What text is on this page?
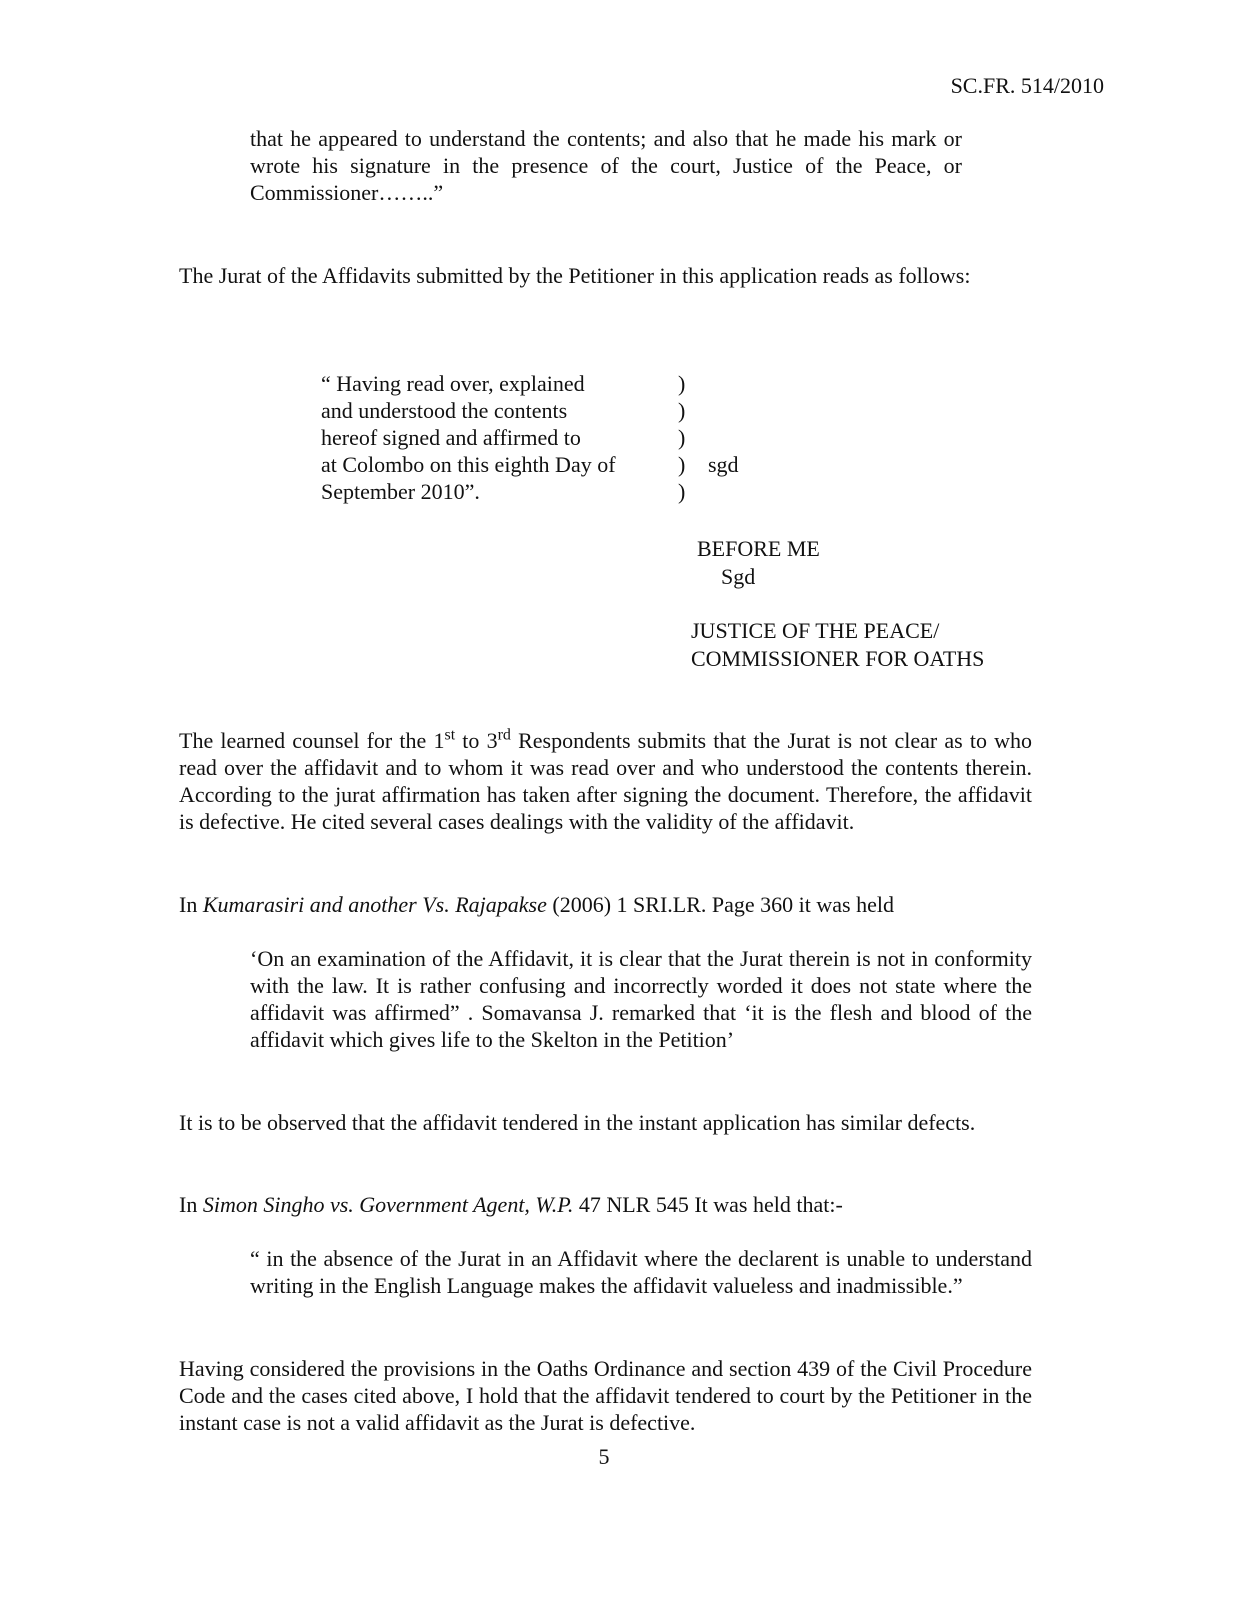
SC.FR. 514/2010

that he appeared to understand the contents; and also that he made his mark or wrote his signature in the presence of the court, Justice of the Peace, or Commissioner……..”

The Jurat of the Affidavits submitted by the Petitioner in this application reads as follows:

“ Having read over, explained	)
and understood the contents	)
hereof signed and affirmed to	)
at Colombo on this eighth Day of	) sgd
September 2010”.	)
BEFORE ME
Sgd
JUSTICE OF THE PEACE/
COMMISSIONER FOR OATHS

The learned counsel for the 1st to 3rd Respondents submits that the Jurat is not clear as to who read over the affidavit and to whom it was read over and who understood the contents therein. According to the jurat affirmation has taken after signing the document. Therefore, the affidavit is defective. He cited several cases dealings with the validity of the affidavit.

In Kumarasiri and another Vs. Rajapakse (2006) 1 SRI.LR. Page 360 it was held

‘On an examination of the Affidavit, it is clear that the Jurat therein is not in conformity with the law. It is rather confusing and incorrectly worded it does not state where the affidavit was affirmed” . Somavansa J. remarked that ‘it is the flesh and blood of the affidavit which gives life to the Skelton in the Petition’

It is to be observed that the affidavit tendered in the instant application has similar defects.

In Simon Singho vs. Government Agent, W.P. 47 NLR 545 It was held that:-

“ in the absence of the Jurat in an Affidavit where the declarent is unable to understand writing in the English Language makes the affidavit valueless and inadmissible.”

Having considered the provisions in the Oaths Ordinance and section 439 of the Civil Procedure Code and the cases cited above, I hold that the affidavit tendered to court by the Petitioner in the instant case is not a valid affidavit as the Jurat is defective.

5
